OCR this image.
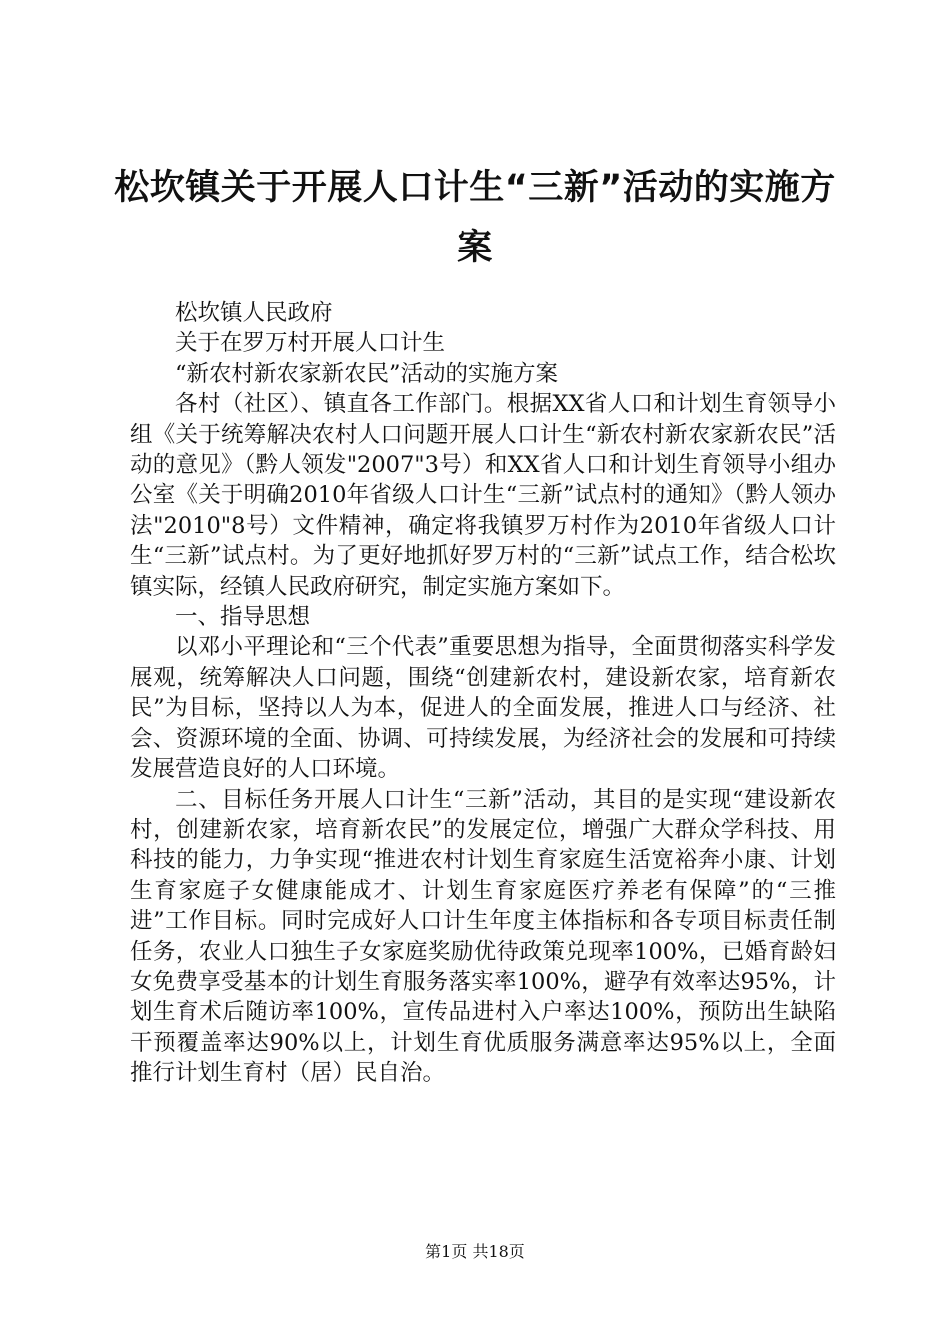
松坎镇关于开展人口计生“三新”活动的实施方案

松坎镇人民政府

关于在罗万村开展人口计生

“新农村新农家新农民”活动的实施方案

各村（社区）、镇直各工作部门。根据XX省人口和计划生育领导小组《关于统筹解决农村人口问题开展人口计生“新农村新农家新农民”活动的意见》（黔人领发"2007"3号）和XX省人口和计划生育领导小组办公室《关于明确2010年省级人口计生“三新”试点村的通知》（黔人领办法"2010"8号）文件精神，确定将我镇罗万村作为2010年省级人口计生“三新”试点村。为了更好地抓好罗万村的“三新”试点工作，结合松坎镇实际，经镇人民政府研究，制定实施方案如下。

一、指导思想

以邓小平理论和“三个代表”重要思想为指导，全面贯彻落实科学发展观，统筹解决人口问题，围绕“创建新农村，建设新农家，培育新农民”为目标，坚持以人为本，促进人的全面发展，推进人口与经济、社会、资源环境的全面、协调、可持续发展，为经济社会的发展和可持续发展营造良好的人口环境。

二、目标任务开展人口计生“三新”活动，其目的是实现“建设新农村，创建新农家，培育新农民”的发展定位，增强广大群众学科技、用科技的能力，力争实现“推进农村计划生育家庭生活宽裕奔小康、计划生育家庭子女健康能成才、计划生育家庭医疗养老有保障”的“三推进”工作目标。同时完成好人口计生年度主体指标和各专项目标责任制任务，农业人口独生子女家庭奖励优待政策兑现率100%，已婚育龄妇女免费享受基本的计划生育服务落实率100%，避孕有效率达95%，计划生育术后随访率100%，宣传品进村入户率达100%，预防出生缺陷干预覆盖率达90%以上，计划生育优质服务满意率达95%以上，全面推行计划生育村（居）民自治。

第1页 共18页
